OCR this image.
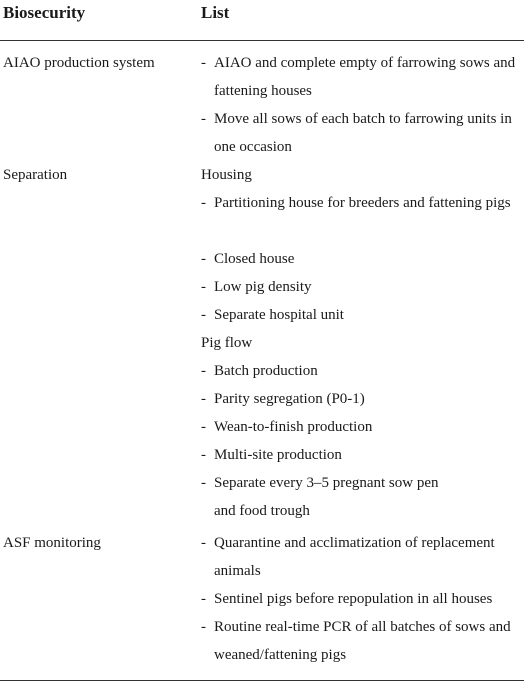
Biosecurity	List
AIAO production system	- AIAO and complete empty of farrowing sows and fattening houses
- Move all sows of each batch to farrowing units in one occasion
Separation	Housing
- Partitioning house for breeders and fattening pigs
- Closed house
- Low pig density
- Separate hospital unit
Pig flow
- Batch production
- Parity segregation (P0-1)
- Wean-to-finish production
- Multi-site production
- Separate every 3–5 pregnant sow pen and food trough
ASF monitoring	- Quarantine and acclimatization of replacement animals
- Sentinel pigs before repopulation in all houses
- Routine real-time PCR of all batches of sows and weaned/fattening pigs
